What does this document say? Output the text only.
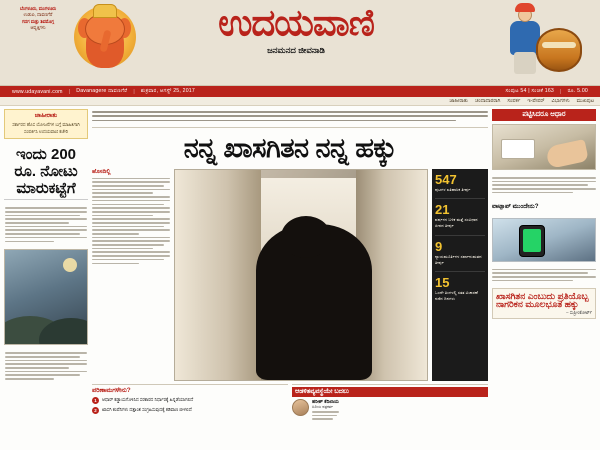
ಬೆಂಗಳೂರು, ಮಂಗಳೂರು
ಉಡುಪಿ, ದಾವಣಗೆರೆ
ಗದಗ ಮತ್ತು ಶಿವಮೊಗ್ಗ
ಆವೃತ್ತಿಗಳು	ಉದಯವಾಣಿ
ಜನಮನದ ಜೀವನಾಡಿ
www.udayavani.com	|	Davanagere ದಾವಣಗೆರೆ	|	ಶುಕ್ರವಾರ, ಆಗಸ್ಟ್ 25, 2017	ಸಂಪುಟ 54 | ಸಂಚಿಕೆ 163	|	ರೂ. 5.00
ಜಾಹೀರಾತು ಚಂದಾದಾರರಾಗಿ ಸಂಪರ್ಕ ಇ-ಪೇಪರ್ ವಿಭಾಗಗಳು ಮುಖಪುಟ
ಜಾಹೀರಾತು
ಸರ್ಕಾರದ ಹೊಸ ಯೋಜನೆಗಳ ಬಗ್ಗೆ ಮಾಹಿತಿಗಾಗಿ ಸಂಪರ್ಕಿಸಿ ಉದಯವಾಣಿ ಕಚೇರಿ
ಇಂದು 200 ರೂ. ನೋಟು ಮಾರುಕಟ್ಟೆಗೆ
ನನ್ನ ಖಾಸಗಿತನ ನನ್ನ ಹಕ್ಕು
ಹೊಸದಿಲ್ಲಿ	547
ಪುಟಗಳ ಐತಿಹಾಸಿಕ ತೀರ್ಪು
21
ವರ್ಷಗಳ ಬಳಿಕ ಮತ್ತೆ ಸಂವಿಧಾನ ಪೀಠದ ತೀರ್ಪು
9
ನ್ಯಾಯಮೂರ್ತಿಗಳ ಸರ್ವಾನುಮತದ ತೀರ್ಪು
15
ಒಂದೇ ತಿಂಗಳಲ್ಲಿ ಸತತ ವಿಚಾರಣೆ ನಡೆದ ದಿನಗಳು
ಪರಿಣಾಮಗಳೇನು?
1	ಆಧಾರ್‌ ಕಡ್ಡಾಯಗೊಳಿಸಿದ ಸರಕಾರದ ನಿರ್ಧಾರಕ್ಕೆ ಹಿನ್ನಡೆಯಾಗಲಿದೆ
2	ಖಾಸಗಿ ಕಂಪೆನಿಗಳು ದತ್ತಾಂಶ ಸಂಗ್ರಹಿಸುವುದಕ್ಕೆ ಕಡಿವಾಣ ಬೀಳಲಿದೆ
ಆಡಳಿತವ್ಯವಸ್ಥೆಯೇ ಬದಲು
ಹರೀಶ್‌ ಕೆದಿಲಾಯ
ಹಿರಿಯ ಪತ್ರಕರ್ತ
ಪಟ್ಟಿಸಿದರೂ ಆಧಾರ
ವಾಟ್ಸಾಪ್‌ ಮುಂದೇನು?
ಖಾಸಗಿತನ ಎಂಬುದು ಪ್ರತಿಯೊಬ್ಬ ನಾಗರಿಕನ ಮೂಲಭೂತ ಹಕ್ಕು
– ಸುಪ್ರೀಂಕೋರ್ಟ್‌
